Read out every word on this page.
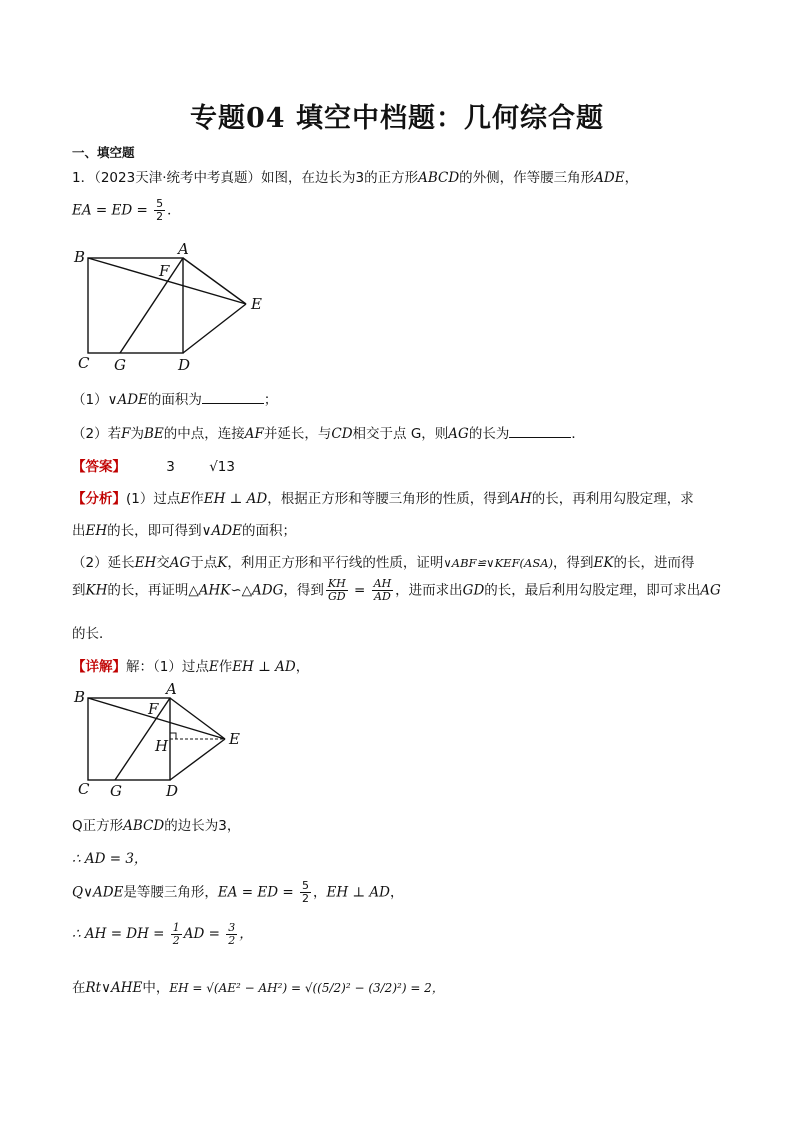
专题04 填空中档题：几何综合题
一、填空题
1．（2023天津·统考中考真题）如图，在边长为3的正方形ABCD的外侧，作等腰三角形ADE，
EA = ED = $\frac{5}{2}$ ．
B	A
F
E
C G	D
（1）∨ADE的面积为	；
（2）若F为BE的中点，连接AF并延长，与CD相交于点 G，则AG的长为	．
【答案】	3	√13
【分析】(1）过点E作EH ⊥ AD，根据正方形和等腰三角形的性质，得到AH的长，再利用勾股定理，求
出EH的长，即可得到∨ADE的面积；
（2）延长EH交AG于点K，利用正方形和平行线的性质，证明∨ABF≌∨KEF(ASA)，得到EK的长，进而得
到KH的长，再证明△AHK∽△ADG，得到 $\frac{KH}{GD} = \frac{AH}{AD}$ ，进而求出GD的长，最后利用勾股定理，即可求出AG
的长．
【详解】解：（1）过点E作EH ⊥ AD，
B	A
F
H	E
C G	D
Q正方形ABCD的边长为3，
∴ AD = 3，
Q∨ADE是等腰三角形，EA = ED = $\frac{5}{2}$ ，EH ⊥ AD，
∴ AH = DH = $\frac{1}{2}$ AD = $\frac{3}{2}$ ，
在Rt∨AHE中，EH = √(AE² − AH²) = √((5/2)² − (3/2)²) = 2，
